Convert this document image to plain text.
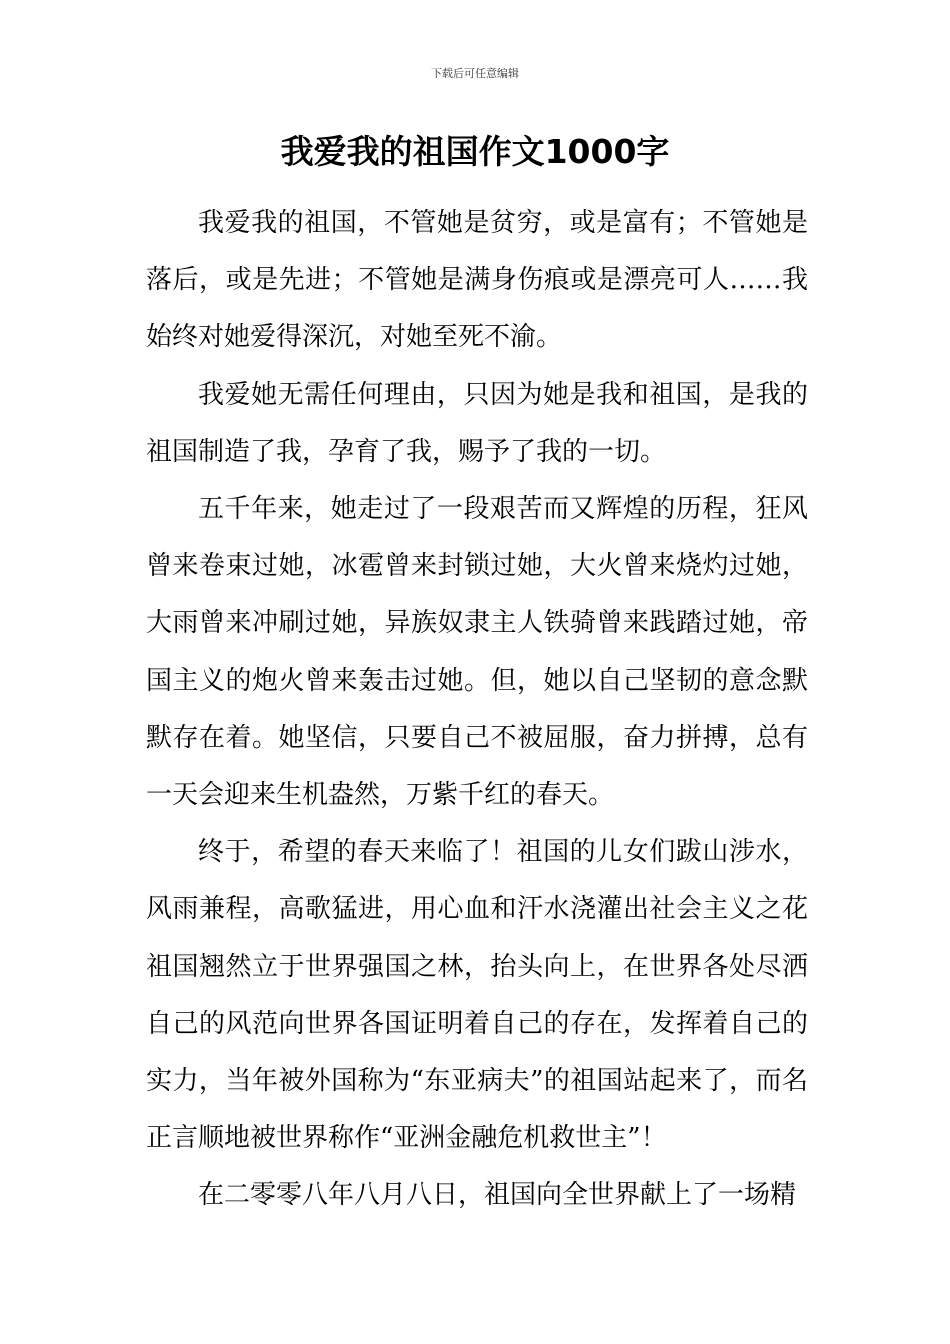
下载后可任意编辑
我爱我的祖国作文1000字

我爱我的祖国，不管她是贫穷，或是富有；不管她是落后，或是先进；不管她是满身伤痕或是漂亮可人……我始终对她爱得深沉，对她至死不渝。

我爱她无需任何理由，只因为她是我和祖国，是我的祖国制造了我，孕育了我，赐予了我的一切。

五千年来，她走过了一段艰苦而又辉煌的历程，狂风曾来卷束过她，冰雹曾来封锁过她，大火曾来烧灼过她，大雨曾来冲刷过她，异族奴隶主人铁骑曾来践踏过她，帝国主义的炮火曾来轰击过她。但，她以自己坚韧的意念默默存在着。她坚信，只要自己不被屈服，奋力拼搏，总有一天会迎来生机盎然，万紫千红的春天。

终于，希望的春天来临了！祖国的儿女们跋山涉水，风雨兼程，高歌猛进，用心血和汗水浇灌出社会主义之花祖国翘然立于世界强国之林，抬头向上，在世界各处尽洒自己的风范向世界各国证明着自己的存在，发挥着自己的实力，当年被外国称为“东亚病夫”的祖国站起来了，而名正言顺地被世界称作“亚洲金融危机救世主”！

在二零零八年八月八日，祖国向全世界献上了一场精
